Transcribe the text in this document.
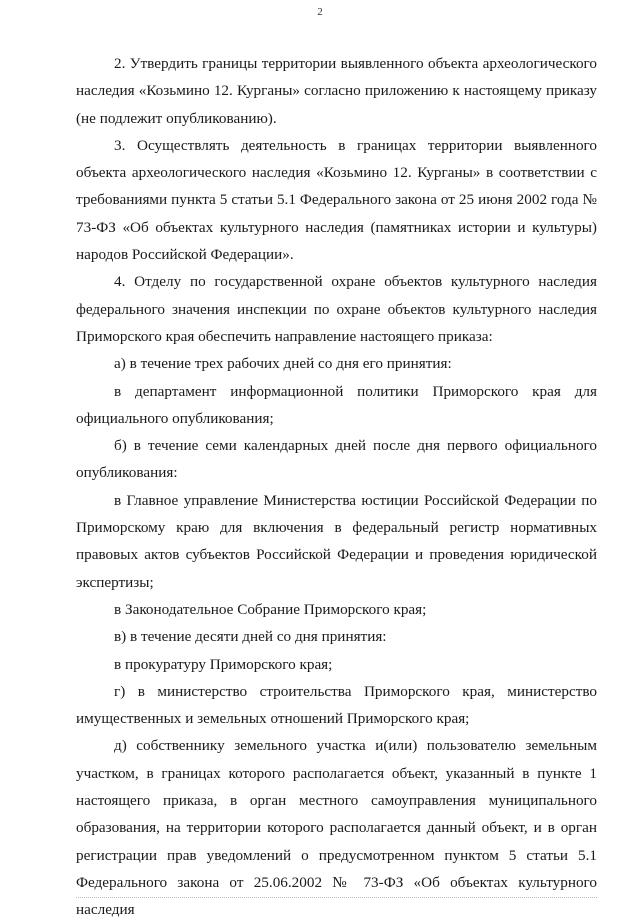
2

2. Утвердить границы территории выявленного объекта археологического наследия «Козьмино 12. Курганы» согласно приложению к настоящему приказу (не подлежит опубликованию).

3. Осуществлять деятельность в границах территории выявленного объекта археологического наследия «Козьмино 12. Курганы» в соответствии с требованиями пункта 5 статьи 5.1 Федерального закона от 25 июня 2002 года № 73-ФЗ «Об объектах культурного наследия (памятниках истории и культуры) народов Российской Федерации».

4. Отделу по государственной охране объектов культурного наследия федерального значения инспекции по охране объектов культурного наследия Приморского края обеспечить направление настоящего приказа:

а) в течение трех рабочих дней со дня его принятия:

в департамент информационной политики Приморского края для официального опубликования;

б) в течение семи календарных дней после дня первого официального опубликования:

в Главное управление Министерства юстиции Российской Федерации по Приморскому краю для включения в федеральный регистр нормативных правовых актов субъектов Российской Федерации и проведения юридической экспертизы;

в Законодательное Собрание Приморского края;

в) в течение десяти дней со дня принятия:

в прокуратуру Приморского края;

г) в министерство строительства Приморского края, министерство имущественных и земельных отношений Приморского края;

д) собственнику земельного участка и(или) пользователю земельным участком, в границах которого располагается объект, указанный в пункте 1 настоящего приказа, в орган местного самоуправления муниципального образования, на территории которого располагается данный объект, и в орган регистрации прав уведомлений о предусмотренном пунктом 5 статьи 5.1 Федерального закона от 25.06.2002 № 73-ФЗ «Об объектах культурного наследия
